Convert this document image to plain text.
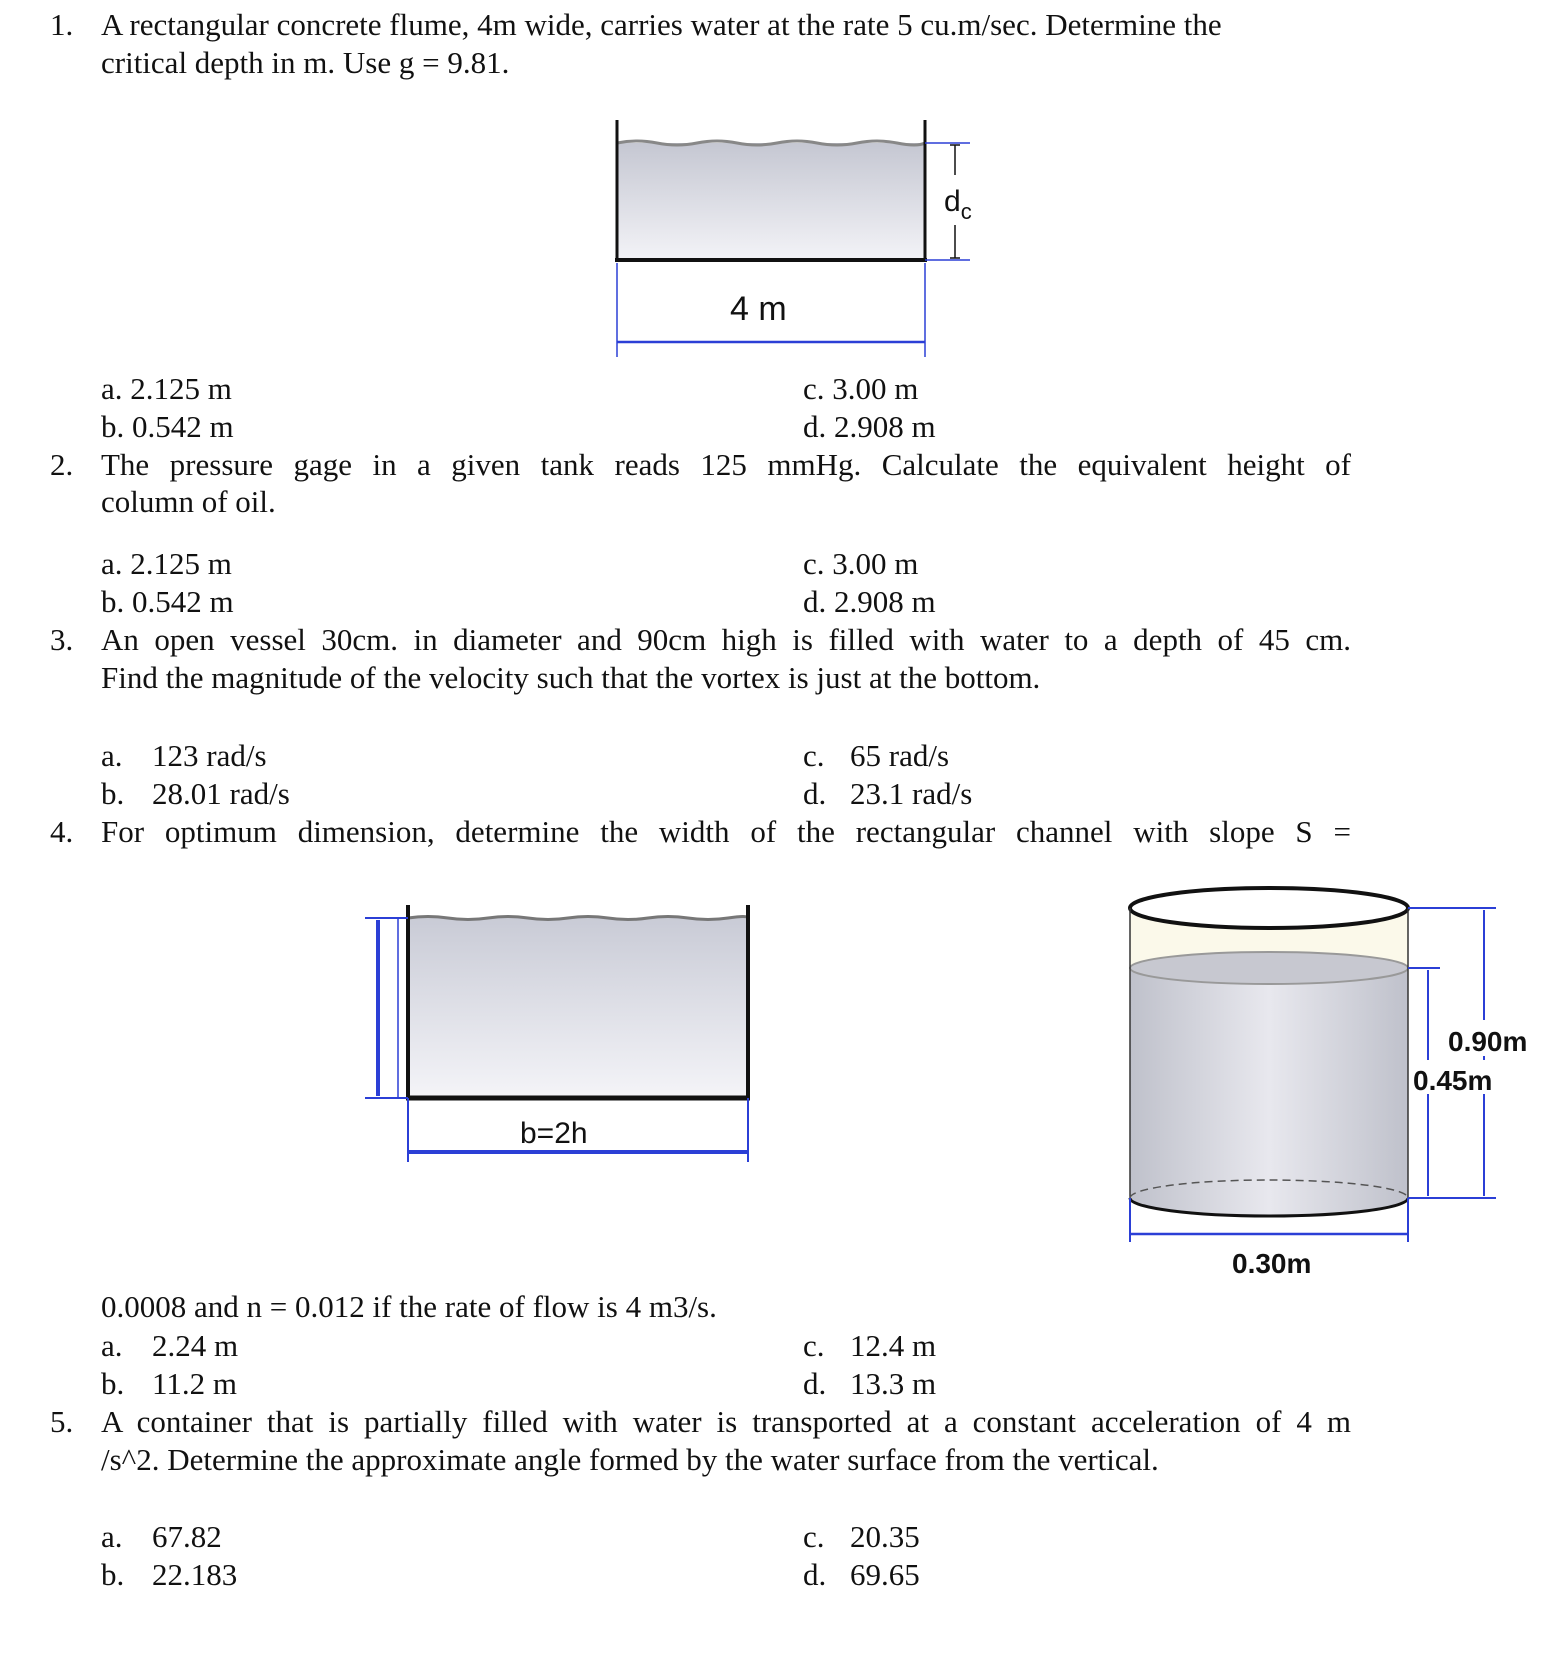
1. A rectangular concrete flume, 4m wide, carries water at the rate 5 cu.m/sec. Determine the
critical depth in m. Use g = 9.81.
$d_c$
4 m
a. 2.125 m	c. 3.00 m
b. 0.542 m	d. 2.908 m
2. The pressure gage in a given tank reads 125 mmHg. Calculate the equivalent height of
column of oil.
a. 2.125 m	c. 3.00 m
b. 0.542 m	d. 2.908 m
3. An open vessel 30cm. in diameter and 90cm high is filled with water to a depth of 45 cm.
Find the magnitude of the velocity such that the vortex is just at the bottom.
a. 123 rad/s	c. 65 rad/s
b. 28.01 rad/s	d. 23.1 rad/s
4. For optimum dimension, determine the width of the rectangular channel with slope S =
b=2h
0.90m
0.45m
0.30m
0.0008 and n = 0.012 if the rate of flow is 4 m3/s.
a. 2.24 m	c. 12.4 m
b. 11.2 m	d. 13.3 m
5. A container that is partially filled with water is transported at a constant acceleration of 4 m
/s^2. Determine the approximate angle formed by the water surface from the vertical.
a. 67.82	c. 20.35
b. 22.183	d. 69.65
